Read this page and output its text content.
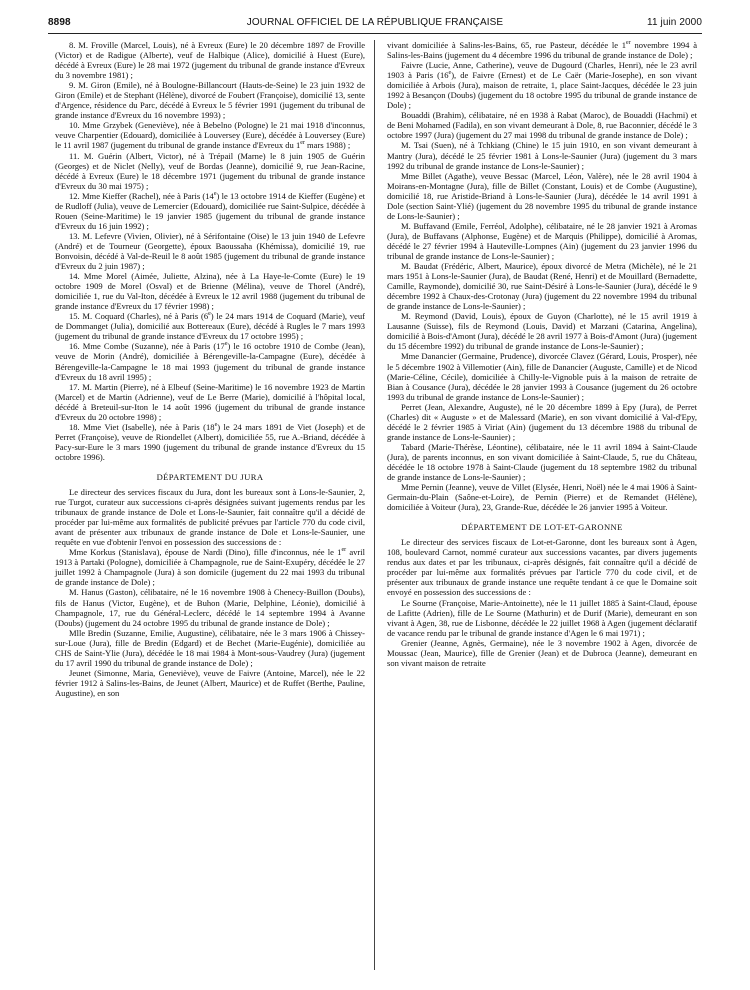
8898	JOURNAL OFFICIEL DE LA RÉPUBLIQUE FRANÇAISE	11 juin 2000

8. M. Froville (Marcel, Louis), né à Evreux (Eure) le 20 décembre 1897 de Froville (Victor) et de Radigue (Alberte), veuf de Halbique (Alice), domicilié à Huest (Eure), décédé à Evreux (Eure) le 28 mai 1972 (jugement du tribunal de grande instance d'Evreux du 3 novembre 1981) ;

9. M. Giron (Emile), né à Boulogne-Billancourt (Hauts-de-Seine) le 23 juin 1932 de Giron (Emile) et de Stephant (Hélène), divorcé de Foubert (Françoise), domicilié 13, sente d'Argence, résidence du Parc, décédé à Evreux le 5 février 1991 (jugement du tribunal de grande instance d'Evreux du 16 novembre 1993) ;

10. Mme Grzybek (Geneviève), née à Bebelno (Pologne) le 21 mai 1918 d'inconnus, veuve Charpentier (Edouard), domiciliée à Louversey (Eure), décédée à Louversey (Eure) le 11 avril 1987 (jugement du tribunal de grande instance d'Evreux du 1er mars 1988) ;

11. M. Guérin (Albert, Victor), né à Trépail (Marne) le 8 juin 1905 de Guérin (Georges) et de Niclet (Nelly), veuf de Bordas (Jeanne), domicilié 9, rue Jean-Racine, décédé à Evreux (Eure) le 18 décembre 1971 (jugement du tribunal de grande instance d'Evreux du 30 mai 1975) ;

12. Mme Kieffer (Rachel), née à Paris (14e) le 13 octobre 1914 de Kieffer (Eugène) et de Rudloff (Julia), veuve de Lemercier (Edouard), domiciliée rue Saint-Sulpice, décédée à Rouen (Seine-Maritime) le 19 janvier 1985 (jugement du tribunal de grande instance d'Evreux du 16 juin 1992) ;

13. M. Lefevre (Vivien, Olivier), né à Sérifontaine (Oise) le 13 juin 1940 de Lefevre (André) et de Tourneur (Georgette), époux Baoussaha (Khémissa), domicilié 19, rue Bonvoisin, décédé à Val-de-Reuil le 8 août 1985 (jugement du tribunal de grande instance d'Evreux du 2 juin 1987) ;

14. Mme Morel (Aimée, Juliette, Alzina), née à La Haye-le-Comte (Eure) le 19 octobre 1909 de Morel (Osval) et de Brienne (Mélina), veuve de Thorel (André), domiciliée 1, rue du Val-Iton, décédée à Evreux le 12 avril 1988 (jugement du tribunal de grande instance d'Evreux du 17 février 1998) ;

15. M. Coquard (Charles), né à Paris (6e) le 24 mars 1914 de Coquard (Marie), veuf de Dommanget (Julia), domicilié aux Bottereaux (Eure), décédé à Rugles le 7 mars 1993 (jugement du tribunal de grande instance d'Evreux du 17 octobre 1995) ;

16. Mme Combe (Suzanne), née à Paris (17e) le 16 octobre 1910 de Combe (Jean), veuve de Morin (André), domiciliée à Bérengeville-la-Campagne (Eure), décédée à Bérengeville-la-Campagne le 18 mai 1993 (jugement du tribunal de grande instance d'Evreux du 18 avril 1995) ;

17. M. Martin (Pierre), né à Elbeuf (Seine-Maritime) le 16 novembre 1923 de Martin (Marcel) et de Martin (Adrienne), veuf de Le Berre (Marie), domicilié à l'hôpital local, décédé à Breteuil-sur-Iton le 14 août 1996 (jugement du tribunal de grande instance d'Evreux du 20 octobre 1998) ;

18. Mme Viet (Isabelle), née à Paris (18e) le 24 mars 1891 de Viet (Joseph) et de Perret (Françoise), veuve de Riondellet (Albert), domiciliée 55, rue A.-Briand, décédée à Pacy-sur-Eure le 3 mars 1990 (jugement du tribunal de grande instance d'Evreux du 15 octobre 1996).

DÉPARTEMENT DU JURA

Le directeur des services fiscaux du Jura, dont les bureaux sont à Lons-le-Saunier, 2, rue Turgot, curateur aux successions ci-après désignées suivant jugements rendus par les tribunaux de grande instance de Dole et Lons-le-Saunier, fait connaître qu'il a décidé de procéder par lui-même aux formalités de publicité prévues par l'article 770 du code civil, avant de présenter aux tribunaux de grande instance de Dole et Lons-le-Saunier, une requête en vue d'obtenir l'envoi en possession des successions de :

Mme Korkus (Stanislava), épouse de Nardi (Dino), fille d'inconnus, née le 1er avril 1913 à Partaki (Pologne), domiciliée à Champagnole, rue de Saint-Exupéry, décédée le 27 juillet 1992 à Champagnole (Jura) à son domicile (jugement du 22 mai 1993 du tribunal de grande instance de Dole) ;

M. Hanus (Gaston), célibataire, né le 16 novembre 1908 à Chenecy-Buillon (Doubs), fils de Hanus (Victor, Eugène), et de Buhon (Marie, Delphine, Léonie), domicilié à Champagnole, 17, rue du Général-Leclerc, décédé le 14 septembre 1994 à Avanne (Doubs) (jugement du 24 octobre 1995 du tribunal de grande instance de Dole) ;

Mlle Bredin (Suzanne, Emilie, Augustine), célibataire, née le 3 mars 1906 à Chissey-sur-Loue (Jura), fille de Bredin (Edgard) et de Bechet (Marie-Eugénie), domiciliée au CHS de Saint-Ylie (Jura), décédée le 18 mai 1984 à Mont-sous-Vaudrey (Jura) (jugement du 17 avril 1990 du tribunal de grande instance de Dole) ;

Jeunet (Simonne, Maria, Geneviève), veuve de Faivre (Antoine, Marcel), née le 22 février 1912 à Salins-les-Bains, de Jeunet (Albert, Maurice) et de Ruffet (Berthe, Pauline, Augustine), en son

vivant domiciliée à Salins-les-Bains, 65, rue Pasteur, décédée le 1er novembre 1994 à Salins-les-Bains (jugement du 4 décembre 1996 du tribunal de grande instance de Dole) ;

Faivre (Lucie, Anne, Catherine), veuve de Dugourd (Charles, Henri), née le 23 avril 1903 à Paris (16e), de Faivre (Ernest) et de Le Caër (Marie-Josephe), en son vivant domiciliée à Arbois (Jura), maison de retraite, 1, place Saint-Jacques, décédée le 23 juin 1992 à Besançon (Doubs) (jugement du 18 octobre 1995 du tribunal de grande instance de Dole) ;

Bouaddi (Brahim), célibataire, né en 1938 à Rabat (Maroc), de Bouaddi (Hachmi) et de Beni Mohamed (Fadila), en son vivant demeurant à Dole, 8, rue Baconnier, décédé le 3 octobre 1997 (Jura) (jugement du 27 mai 1998 du tribunal de grande instance de Dole) ;

M. Tsai (Suen), né à Tchkiang (Chine) le 15 juin 1910, en son vivant demeurant à Mantry (Jura), décédé le 25 février 1981 à Lons-le-Saunier (Jura) (jugement du 3 mars 1992 du tribunal de grande instance de Lons-le-Saunier) ;

Mme Billet (Agathe), veuve Bessac (Marcel, Léon, Valère), née le 28 avril 1904 à Moirans-en-Montagne (Jura), fille de Billet (Constant, Louis) et de Combe (Augustine), domicilié 18, rue Aristide-Briand à Lons-le-Saunier (Jura), décédée le 14 avril 1991 à Dole (section Saint-Ylié) (jugement du 28 novembre 1995 du tribunal de grande instance de Lons-le-Saunier) ;

M. Buffavand (Emile, Ferréol, Adolphe), célibataire, né le 28 janvier 1921 à Aromas (Jura), de Buffavans (Alphonse, Eugène) et de Marquis (Philippe), domicilié à Aromas, décédé le 27 février 1994 à Hauteville-Lompnes (Ain) (jugement du 23 janvier 1996 du tribunal de grande instance de Lons-le-Saunier) ;

M. Baudat (Frédéric, Albert, Maurice), époux divorcé de Metra (Michèle), né le 21 mars 1951 à Lons-le-Saunier (Jura), de Baudat (René, Henri) et de Mouillard (Bernadette, Camille, Raymonde), domicilié 30, rue Saint-Désiré à Lons-le-Saunier (Jura), décédé le 9 décembre 1992 à Chaux-des-Crotonay (Jura) (jugement du 22 novembre 1994 du tribunal de grande instance de Lons-le-Saunier) ;

M. Reymond (David, Louis), époux de Guyon (Charlotte), né le 15 avril 1919 à Lausanne (Suisse), fils de Reymond (Louis, David) et Marzani (Catarina, Angelina), domicilié à Bois-d'Amont (Jura), décédé le 28 avril 1977 à Bois-d'Amont (Jura) (jugement du 15 décembre 1992) du tribunal de grande instance de Lons-le-Saunier) ;

Mme Danancier (Germaine, Prudence), divorcée Clavez (Gérard, Louis, Prosper), née le 5 décembre 1902 à Villemotier (Ain), fille de Danancier (Auguste, Camille) et de Nicod (Marie-Céline, Cécile), domiciliée à Chilly-le-Vignoble puis à la maison de retraite de Bian à Cousance (Jura), décédée le 28 janvier 1993 à Cousance (jugement du 26 octobre 1993 du tribunal de grande instance de Lons-le-Saunier) ;

Perret (Jean, Alexandre, Auguste), né le 20 décembre 1899 à Epy (Jura), de Perret (Charles) dit « Auguste » et de Malessard (Marie), en son vivant domicilié à Val-d'Epy, décédé le 2 février 1985 à Viriat (Ain) (jugement du 13 décembre 1988 du tribunal de grande instance de Lons-le-Saunier) ;

Tabard (Marie-Thérèse, Léontine), célibataire, née le 11 avril 1894 à Saint-Claude (Jura), de parents inconnus, en son vivant domiciliée à Saint-Claude, 5, rue du Château, décédée le 18 octobre 1978 à Saint-Claude (jugement du 18 septembre 1982 du tribunal de grande instance de Lons-le-Saunier) ;

Mme Pernin (Jeanne), veuve de Villet (Elysée, Henri, Noël) née le 4 mai 1906 à Saint-Germain-du-Plain (Saône-et-Loire), de Pernin (Pierre) et de Remandet (Hélène), domiciliée à Voiteur (Jura), 23, Grande-Rue, décédée le 26 janvier 1995 à Voiteur.

DÉPARTEMENT DE LOT-ET-GARONNE

Le directeur des services fiscaux de Lot-et-Garonne, dont les bureaux sont à Agen, 108, boulevard Carnot, nommé curateur aux successions vacantes, par divers jugements rendus aux dates et par les tribunaux, ci-après désignés, fait connaître qu'il a décidé de procéder par lui-même aux formalités prévues par l'article 770 du code civil, et de présenter aux tribunaux de grande instance une requête tendant à ce que le Domaine soit envoyé en possession des successions de :

Le Sourne (Françoise, Marie-Antoinette), née le 11 juillet 1885 à Saint-Claud, épouse de Lafitte (Adrien), fille de Le Sourne (Mathurin) et de Durif (Marie), demeurant en son vivant à Agen, 38, rue de Lisbonne, décédée le 22 juillet 1968 à Agen (jugement déclaratif de vacance rendu par le tribunal de grande instance d'Agen le 6 mai 1971) ;

Grenier (Jeanne, Agnès, Germaine), née le 3 novembre 1902 à Agen, divorcée de Moussac (Jean, Maurice), fille de Grenier (Jean) et de Dubroca (Jeanne), demeurant en son vivant maison de retraite
